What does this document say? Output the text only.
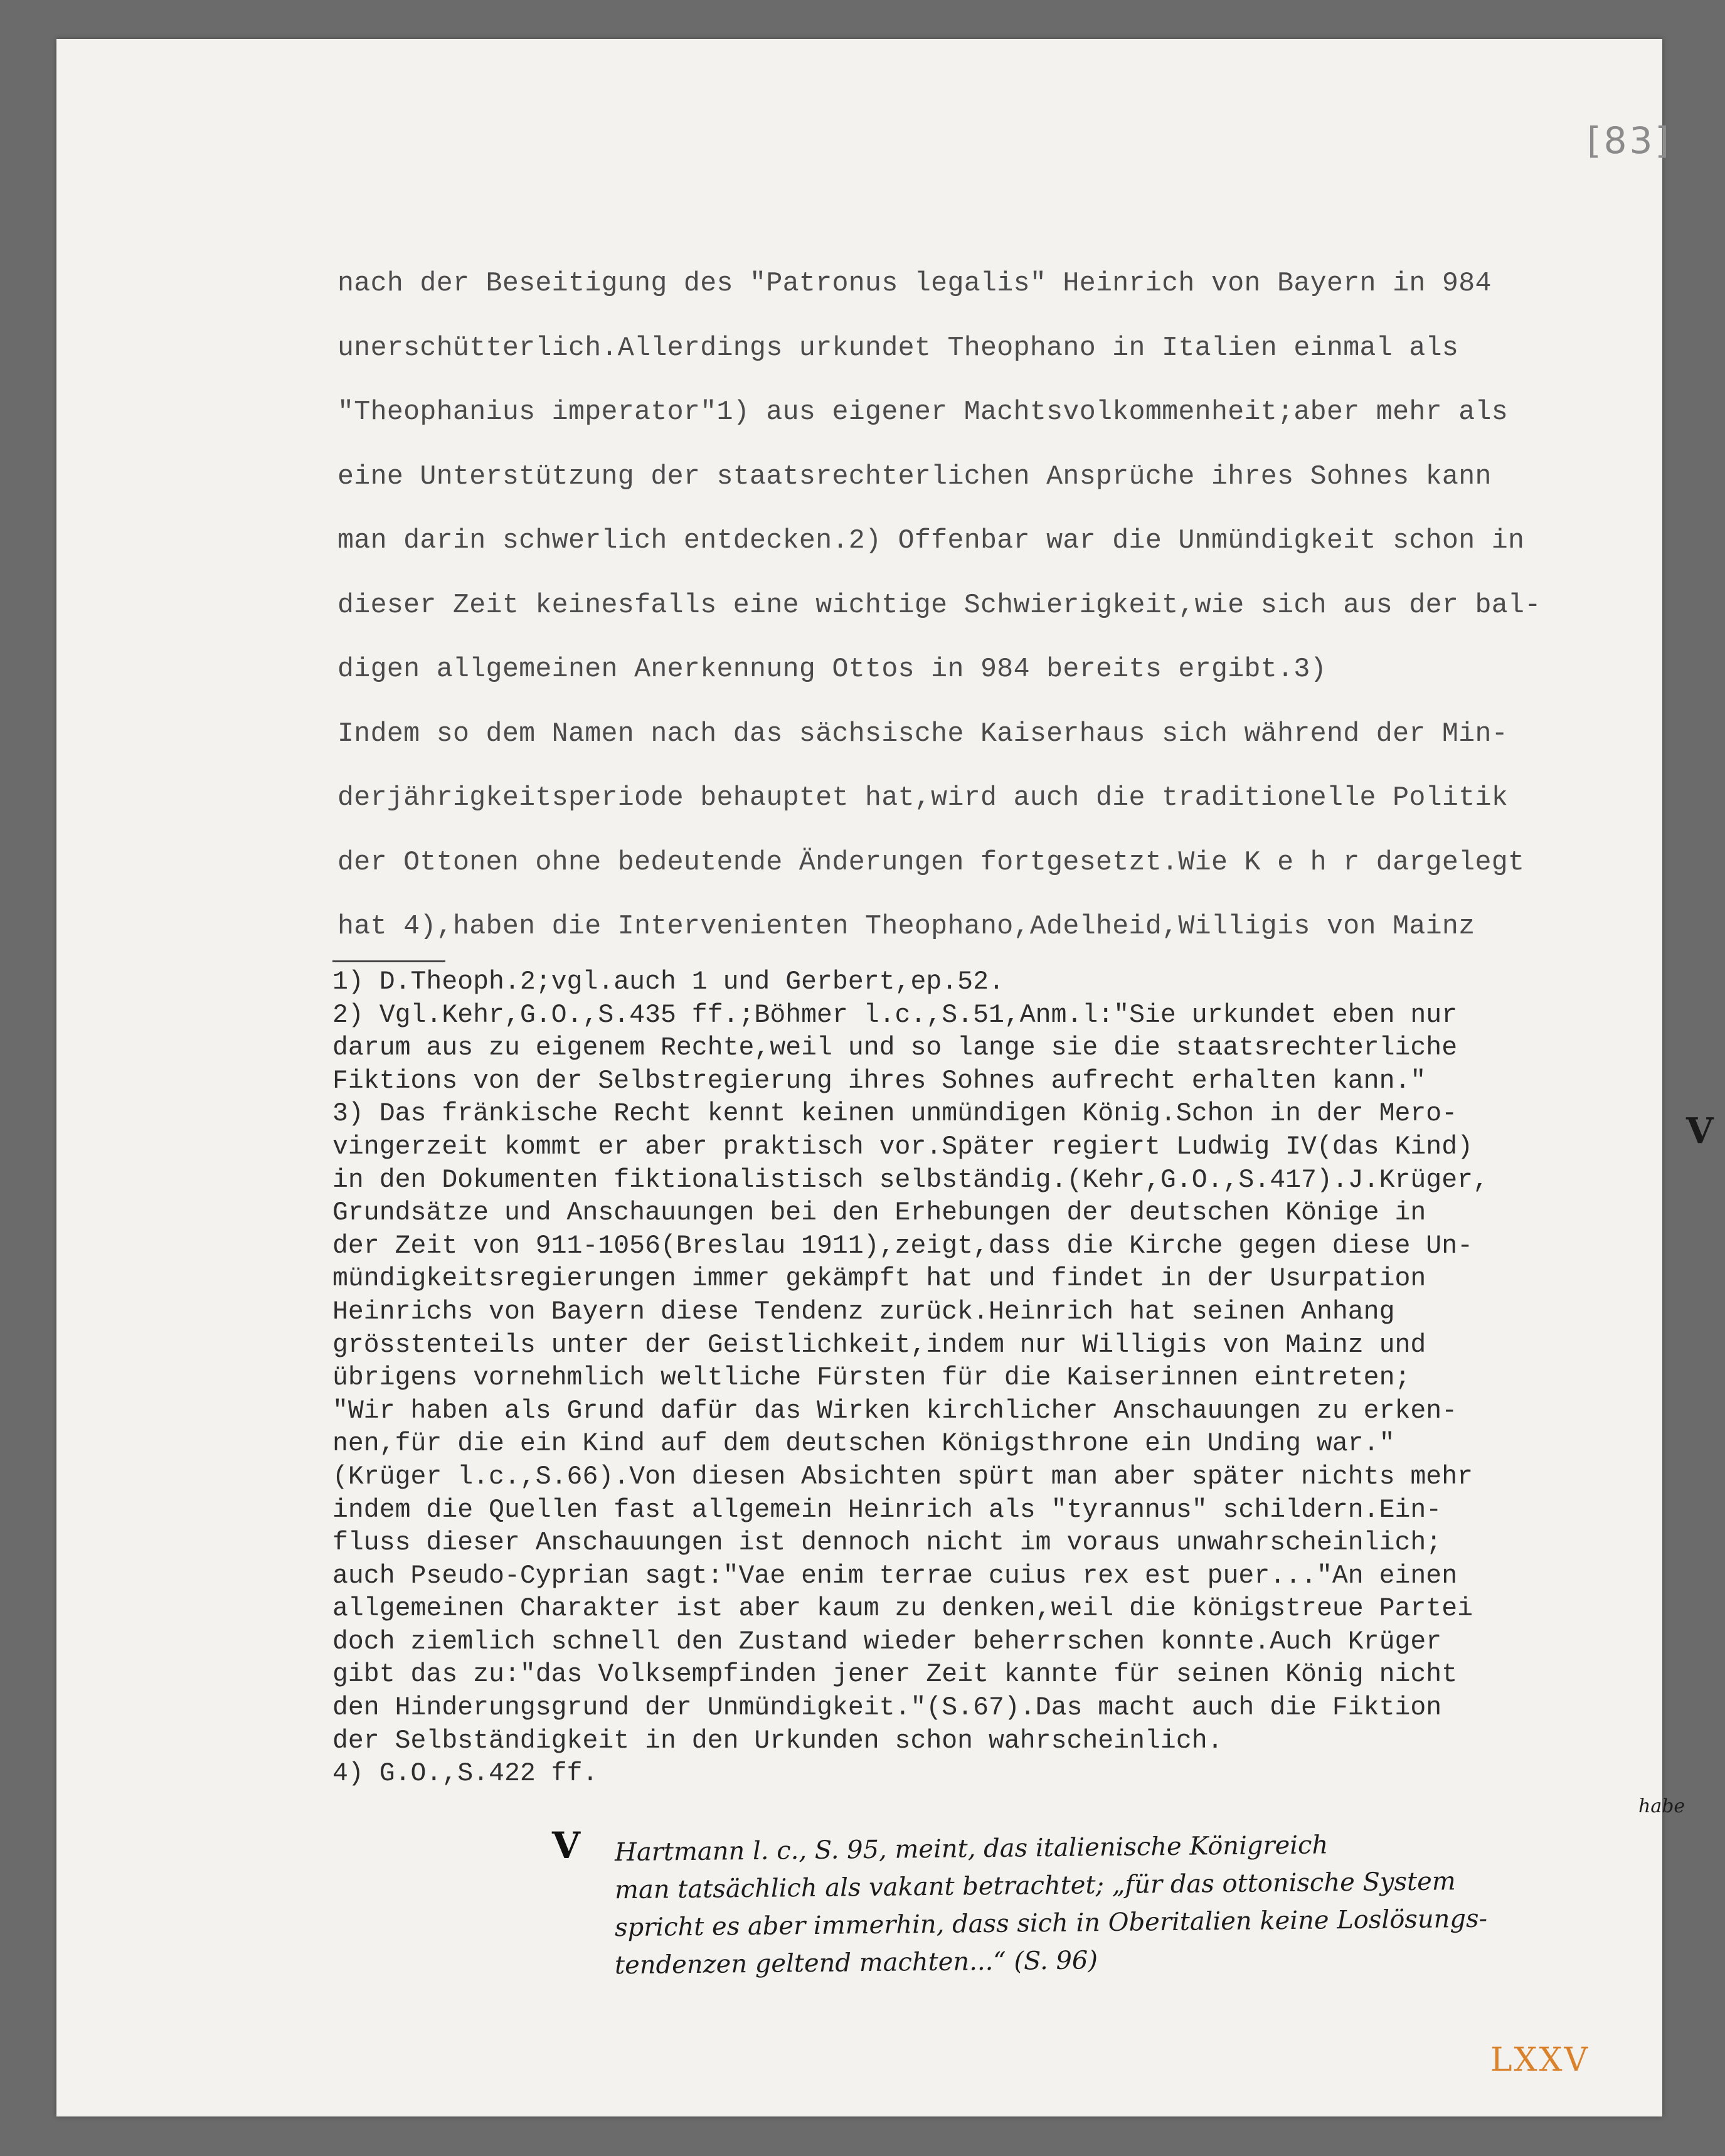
[83]
nach der Beseitigung des "Patronus legalis" Heinrich von Bayern in 984
unerschütterlich.Allerdings urkundet Theophano in Italien einmal als
"Theophanius imperator"1) aus eigener Machtsvolkommenheit;aber mehr als
eine Unterstützung der staatsrechterlichen Ansprüche ihres Sohnes kann
man darin schwerlich entdecken.2) Offenbar war die Unmündigkeit schon in
dieser Zeit keinesfalls eine wichtige Schwierigkeit,wie sich aus der bal-
digen allgemeinen Anerkennung Ottos in 984 bereits ergibt.3)
Indem so dem Namen nach das sächsische Kaiserhaus sich während der Min-
derjährigkeitsperiode behauptet hat,wird auch die traditionelle Politik
der Ottonen ohne bedeutende Änderungen fortgesetzt.Wie K e h r dargelegt
hat 4),haben die Intervenienten Theophano,Adelheid,Willigis von Mainz
1) D.Theoph.2;vgl.auch 1 und Gerbert,ep.52.
2) Vgl.Kehr,G.O.,S.435 ff.;Böhmer l.c.,S.51,Anm.l:"Sie urkundet eben nur
darum aus zu eigenem Rechte,weil und so lange sie die staatsrechterliche
Fiktions von der Selbstregierung ihres Sohnes aufrecht erhalten kann."
3) Das fränkische Recht kennt keinen unmündigen König.Schon in der Mero-
vingerzeit kommt er aber praktisch vor.Später regiert Ludwig IV(das Kind)
in den Dokumenten fiktionalistisch selbständig.(Kehr,G.O.,S.417).J.Krüger,
Grundsätze und Anschauungen bei den Erhebungen der deutschen Könige in
der Zeit von 911-1056(Breslau 1911),zeigt,dass die Kirche gegen diese Un-
mündigkeitsregierungen immer gekämpft hat und findet in der Usurpation
Heinrichs von Bayern diese Tendenz zurück.Heinrich hat seinen Anhang
grösstenteils unter der Geistlichkeit,indem nur Willigis von Mainz und
übrigens vornehmlich weltliche Fürsten für die Kaiserinnen eintreten;
"Wir haben als Grund dafür das Wirken kirchlicher Anschauungen zu erken-
nen,für die ein Kind auf dem deutschen Königsthrone ein Unding war."
(Krüger l.c.,S.66).Von diesen Absichten spürt man aber später nichts mehr
indem die Quellen fast allgemein Heinrich als "tyrannus" schildern.Ein-
fluss dieser Anschauungen ist dennoch nicht im voraus unwahrscheinlich;
auch Pseudo-Cyprian sagt:"Vae enim terrae cuius rex est puer..."An einen
allgemeinen Charakter ist aber kaum zu denken,weil die königstreue Partei
doch ziemlich schnell den Zustand wieder beherrschen konnte.Auch Krüger
gibt das zu:"das Volksempfinden jener Zeit kannte für seinen König nicht
den Hinderungsgrund der Unmündigkeit."(S.67).Das macht auch die Fiktion
der Selbständigkeit in den Urkunden schon wahrscheinlich.
4) G.O.,S.422 ff.
V
V
habe
Hartmann l. c., S. 95, meint, das italienische Königreich
man tatsächlich als vakant betrachtet; „für das ottonische System
spricht es aber immerhin, dass sich in Oberitalien keine Loslösungs-
tendenzen geltend machten...“ (S. 96)
LXXV
